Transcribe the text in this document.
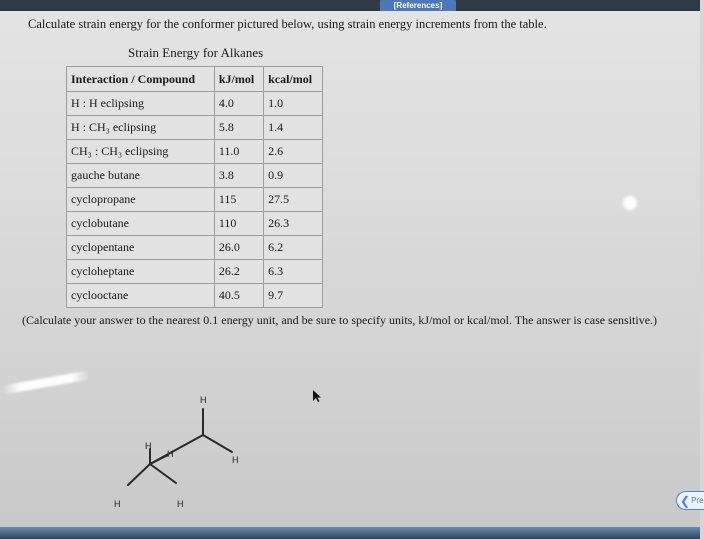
[References]
Calculate strain energy for the conformer pictured below, using strain energy increments from the table.
Strain Energy for Alkanes
Interaction / Compound	kJ/mol	kcal/mol
H : H eclipsing	4.0	1.0
H : CH₃ eclipsing	5.8	1.4
CH₃ : CH₃ eclipsing	11.0	2.6
gauche butane	3.8	0.9
cyclopropane	115	27.5
cyclobutane	110	26.3
cyclopentane	26.0	6.2
cycloheptane	26.2	6.3
cyclooctane	40.5	9.7
(Calculate your answer to the nearest 0.1 energy unit, and be sure to specify units, kJ/mol or kcal/mol. The answer is case sensitive.)
H
H
H
H
H	H	❮ Pre
